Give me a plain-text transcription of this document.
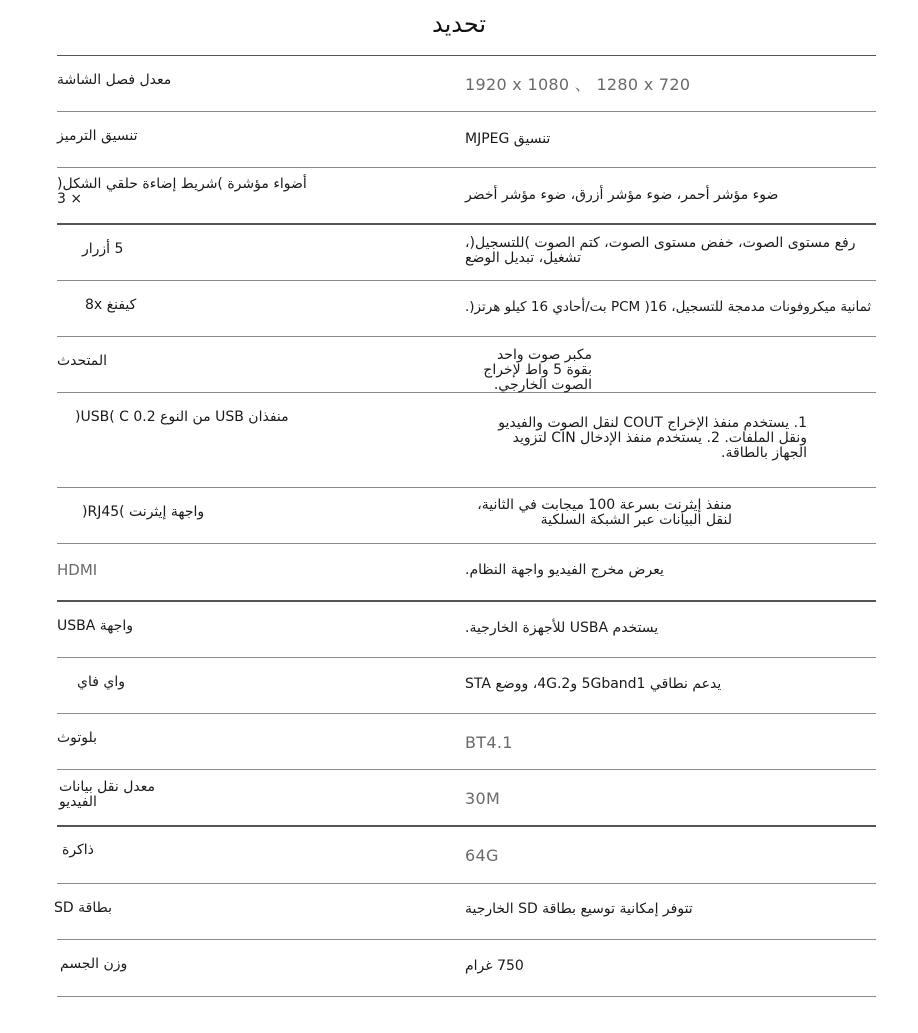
تحديد
معدل فصل الشاشة	1920 x 1080 、 1280 x 720
تنسيق الترميز	تنسيق MJPEG
أضواء مؤشرة )شريط إضاءة حلقي الشكل( × 3	ضوء مؤشر أحمر، ضوء مؤشر أزرق، ضوء مؤشر أخضر
5 أزرار	رفع مستوى الصوت، خفض مستوى الصوت، كتم الصوت )للتسجيل(، تشغيل، تبديل الوضع
كيفنغ 8x	ثمانية ميكروفونات مدمجة للتسجيل، PCM )16 بت/أحادي 16 كيلو هرتز(.
المتحدث	مكبر صوت واحد بقوة 5 واط لإخراج الصوت الخارجي.
منفذان USB من النوع USB( C 0.2(	1. يستخدم منفذ الإخراج COUT لنقل الصوت والفيديو ونقل الملفات. 2. يستخدم منفذ الإدخال CIN لتزويد الجهاز بالطاقة.
واجهة إيثرنت )RJ45(	منفذ إيثرنت بسرعة 100 ميجابت في الثانية، لنقل البيانات عبر الشبكة السلكية
HDMI	يعرض مخرج الفيديو واجهة النظام.
واجهة USBA	يستخدم USBA للأجهزة الخارجية.
واي فاي	يدعم نطاقي 5Gband1 و4G.2، ووضع STA
بلوتوث	BT4.1
معدل نقل بيانات الفيديو	30M
ذاكرة	64G
بطاقة SD	تتوفر إمكانية توسيع بطاقة SD الخارجية
وزن الجسم	750 غرام
